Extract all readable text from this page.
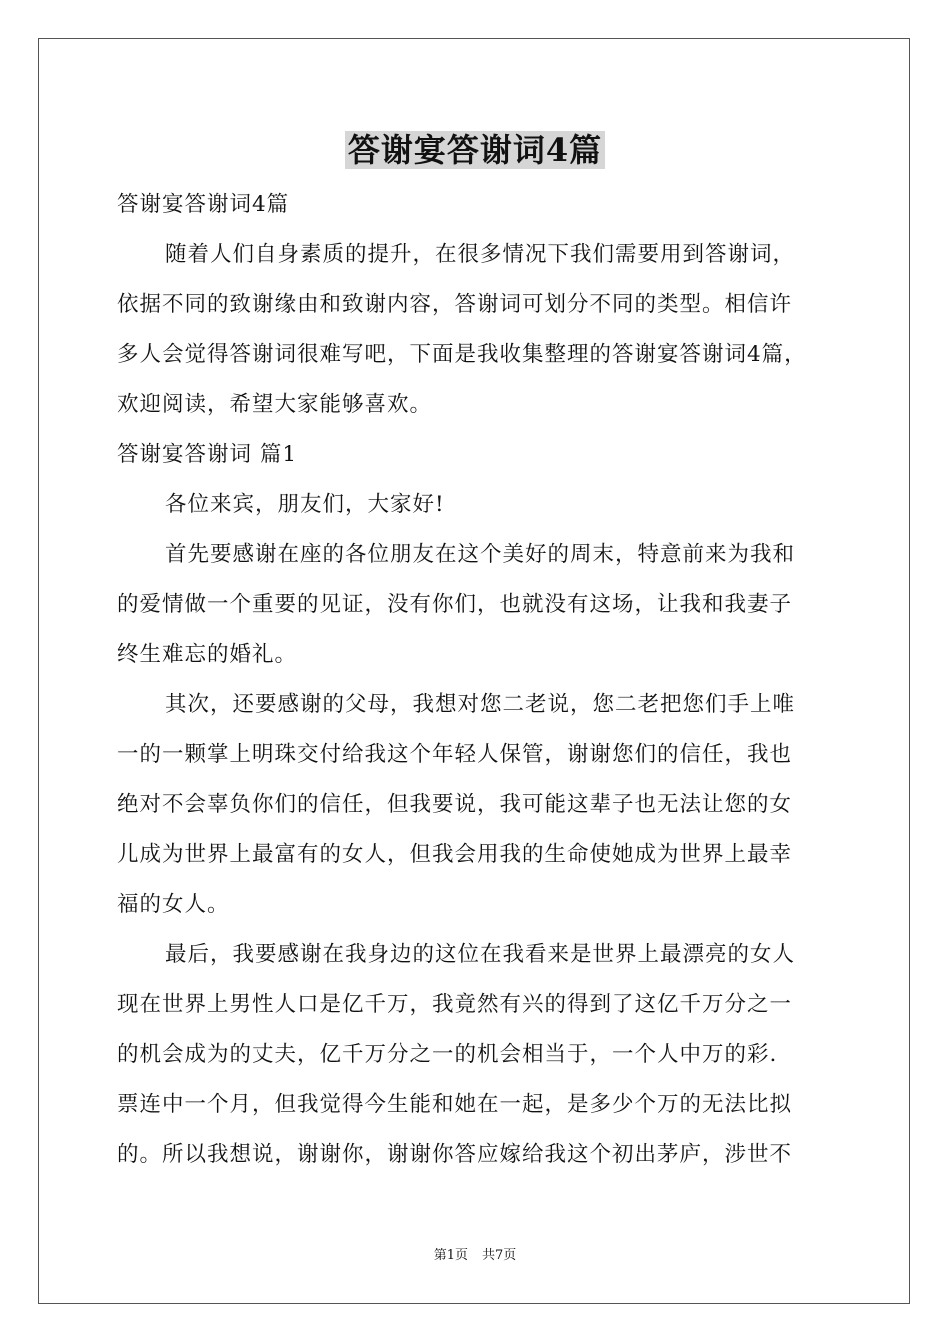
答谢宴答谢词4篇
答谢宴答谢词4篇
随着人们自身素质的提升，在很多情况下我们需要用到答谢词，
依据不同的致谢缘由和致谢内容，答谢词可划分不同的类型。相信许
多人会觉得答谢词很难写吧，下面是我收集整理的答谢宴答谢词4篇，
欢迎阅读，希望大家能够喜欢。
答谢宴答谢词 篇1
各位来宾，朋友们，大家好!
首先要感谢在座的各位朋友在这个美好的周末，特意前来为我和
的爱情做一个重要的见证，没有你们，也就没有这场，让我和我妻子
终生难忘的婚礼。
其次，还要感谢的父母，我想对您二老说，您二老把您们手上唯
一的一颗掌上明珠交付给我这个年轻人保管，谢谢您们的信任，我也
绝对不会辜负你们的信任，但我要说，我可能这辈子也无法让您的女
儿成为世界上最富有的女人，但我会用我的生命使她成为世界上最幸
福的女人。
最后，我要感谢在我身边的这位在我看来是世界上最漂亮的女人
现在世界上男性人口是亿千万，我竟然有兴的得到了这亿千万分之一
的机会成为的丈夫，亿千万分之一的机会相当于，一个人中万的彩.
票连中一个月，但我觉得今生能和她在一起，是多少个万的无法比拟
的。所以我想说，谢谢你，谢谢你答应嫁给我这个初出茅庐，涉世不
第1页 共7页
